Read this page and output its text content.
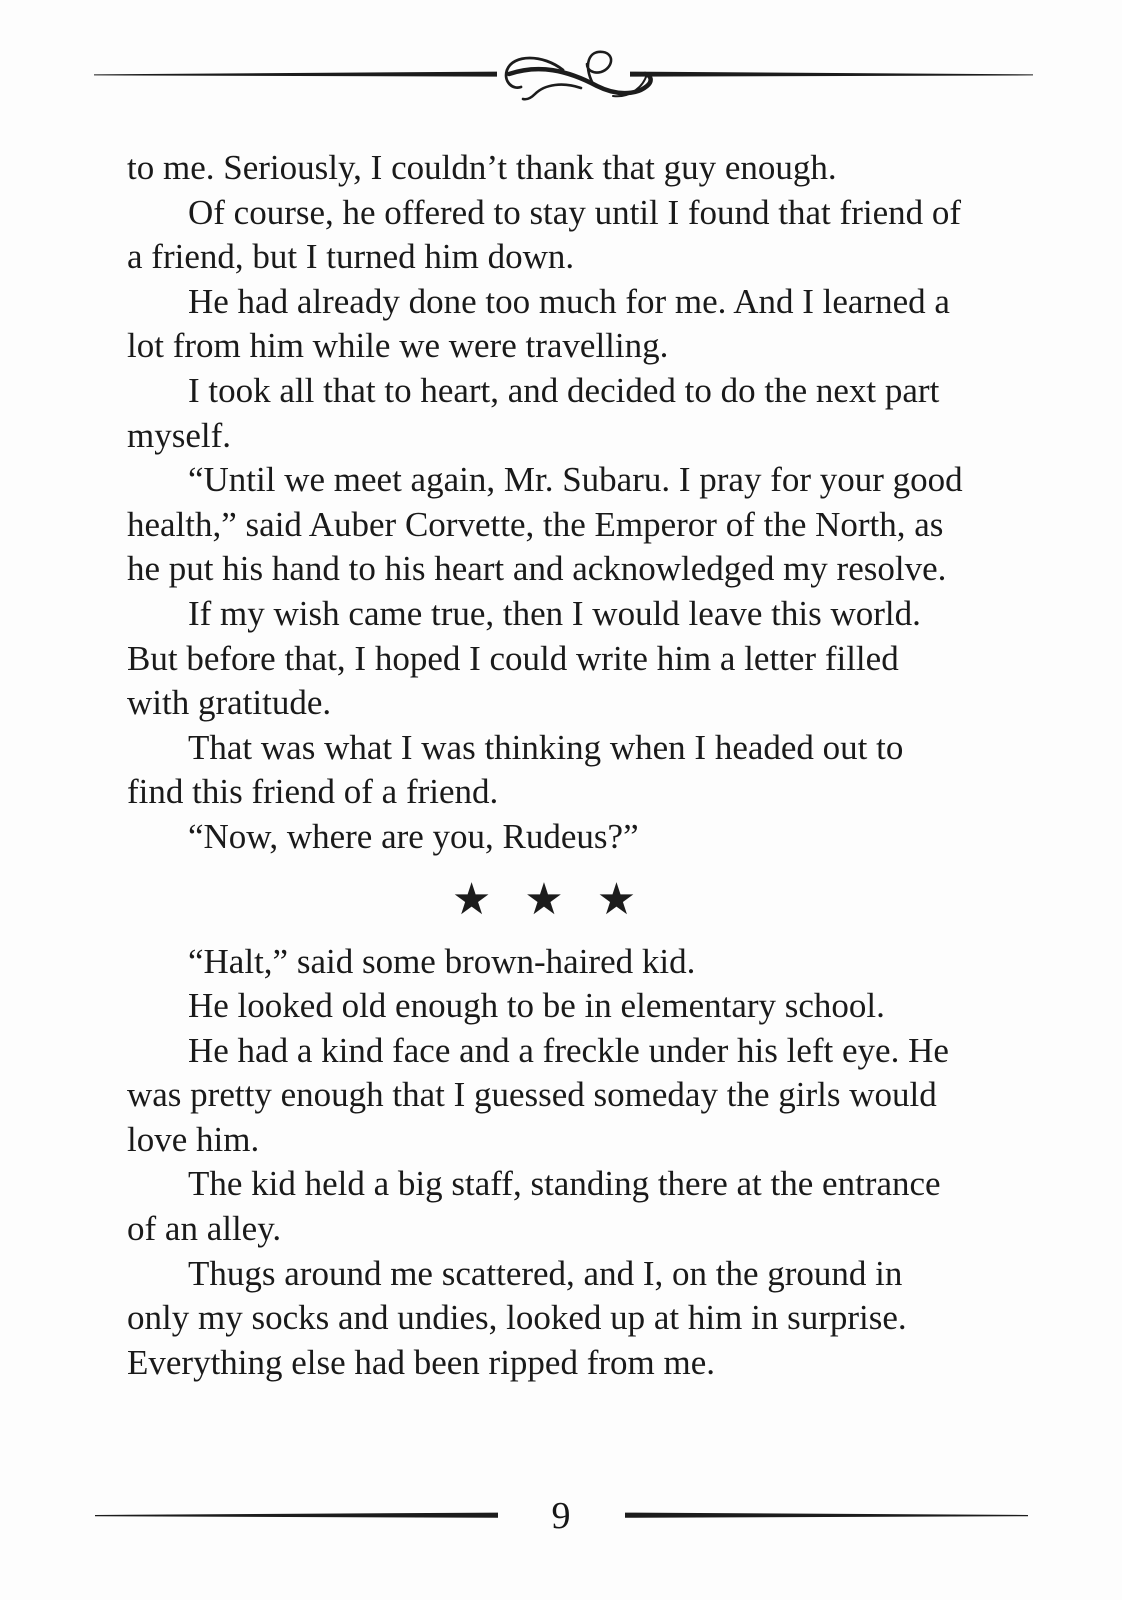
to me. Seriously, I couldn’t thank that guy enough.

Of course, he offered to stay until I found that friend of a friend, but I turned him down.

He had already done too much for me. And I learned a lot from him while we were travelling.

I took all that to heart, and decided to do the next part myself.

“Until we meet again, Mr. Subaru. I pray for your good health,” said Auber Corvette, the Emperor of the North, as he put his hand to his heart and acknowledged my resolve.

If my wish came true, then I would leave this world. But before that, I hoped I could write him a letter filled with gratitude.

That was what I was thinking when I headed out to find this friend of a friend.

“Now, where are you, Rudeus?”

★ ★ ★

“Halt,” said some brown-haired kid.

He looked old enough to be in elementary school.

He had a kind face and a freckle under his left eye. He was pretty enough that I guessed someday the girls would love him.

The kid held a big staff, standing there at the entrance of an alley.

Thugs around me scattered, and I, on the ground in only my socks and undies, looked up at him in surprise. Everything else had been ripped from me.

9
